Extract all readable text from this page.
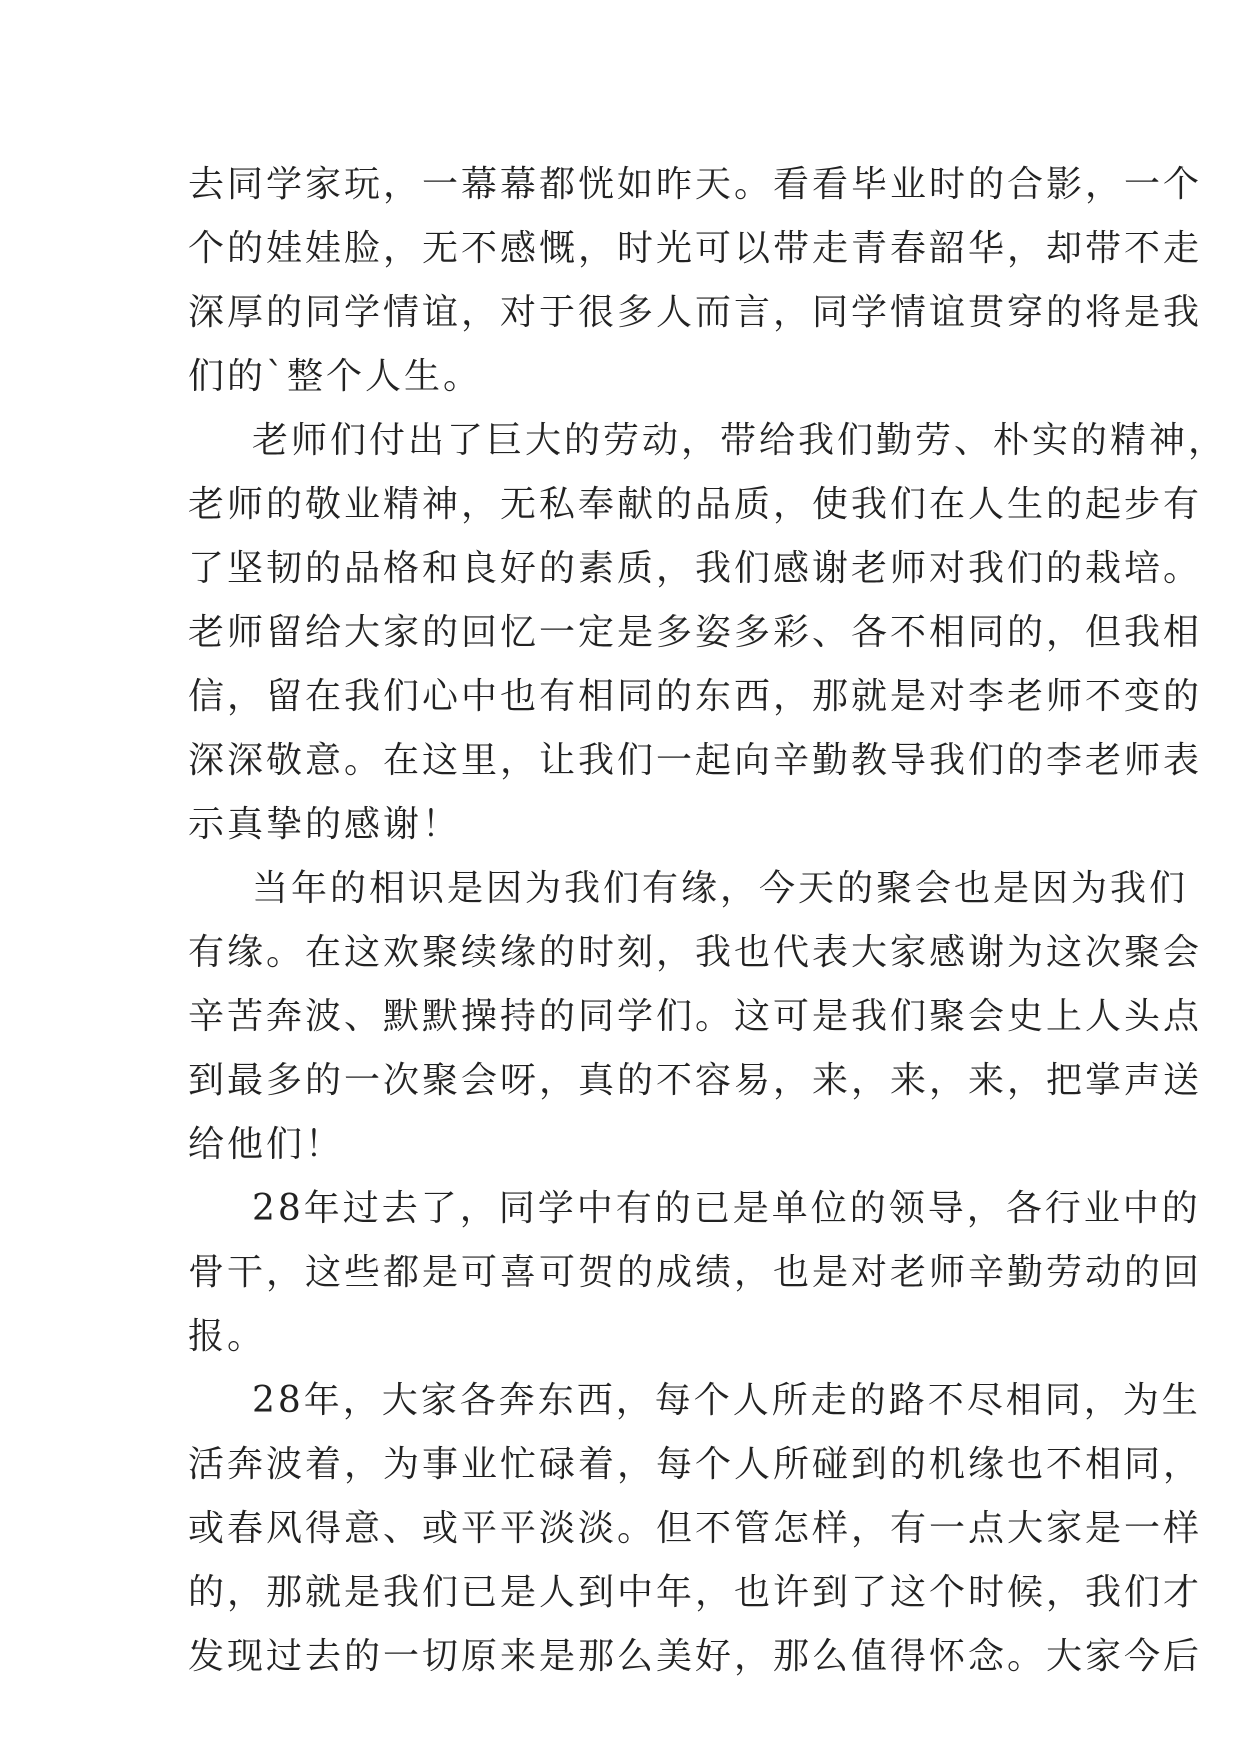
去同学家玩，一幕幕都恍如昨天。看看毕业时的合影，一个
个的娃娃脸，无不感慨，时光可以带走青春韶华，却带不走
深厚的同学情谊，对于很多人而言，同学情谊贯穿的将是我
们的`整个人生。
老师们付出了巨大的劳动，带给我们勤劳、朴实的精神，
老师的敬业精神，无私奉献的品质，使我们在人生的起步有
了坚韧的品格和良好的素质，我们感谢老师对我们的栽培。
老师留给大家的回忆一定是多姿多彩、各不相同的，但我相
信，留在我们心中也有相同的东西，那就是对李老师不变的
深深敬意。在这里，让我们一起向辛勤教导我们的李老师表
示真挚的感谢！
当年的相识是因为我们有缘，今天的聚会也是因为我们
有缘。在这欢聚续缘的时刻，我也代表大家感谢为这次聚会
辛苦奔波、默默操持的同学们。这可是我们聚会史上人头点
到最多的一次聚会呀，真的不容易，来，来，来，把掌声送
给他们！
28年过去了，同学中有的已是单位的领导，各行业中的
骨干，这些都是可喜可贺的成绩，也是对老师辛勤劳动的回
报。
28年，大家各奔东西，每个人所走的路不尽相同，为生
活奔波着，为事业忙碌着，每个人所碰到的机缘也不相同，
或春风得意、或平平淡淡。但不管怎样，有一点大家是一样
的，那就是我们已是人到中年，也许到了这个时候，我们才
发现过去的一切原来是那么美好，那么值得怀念。大家今后
